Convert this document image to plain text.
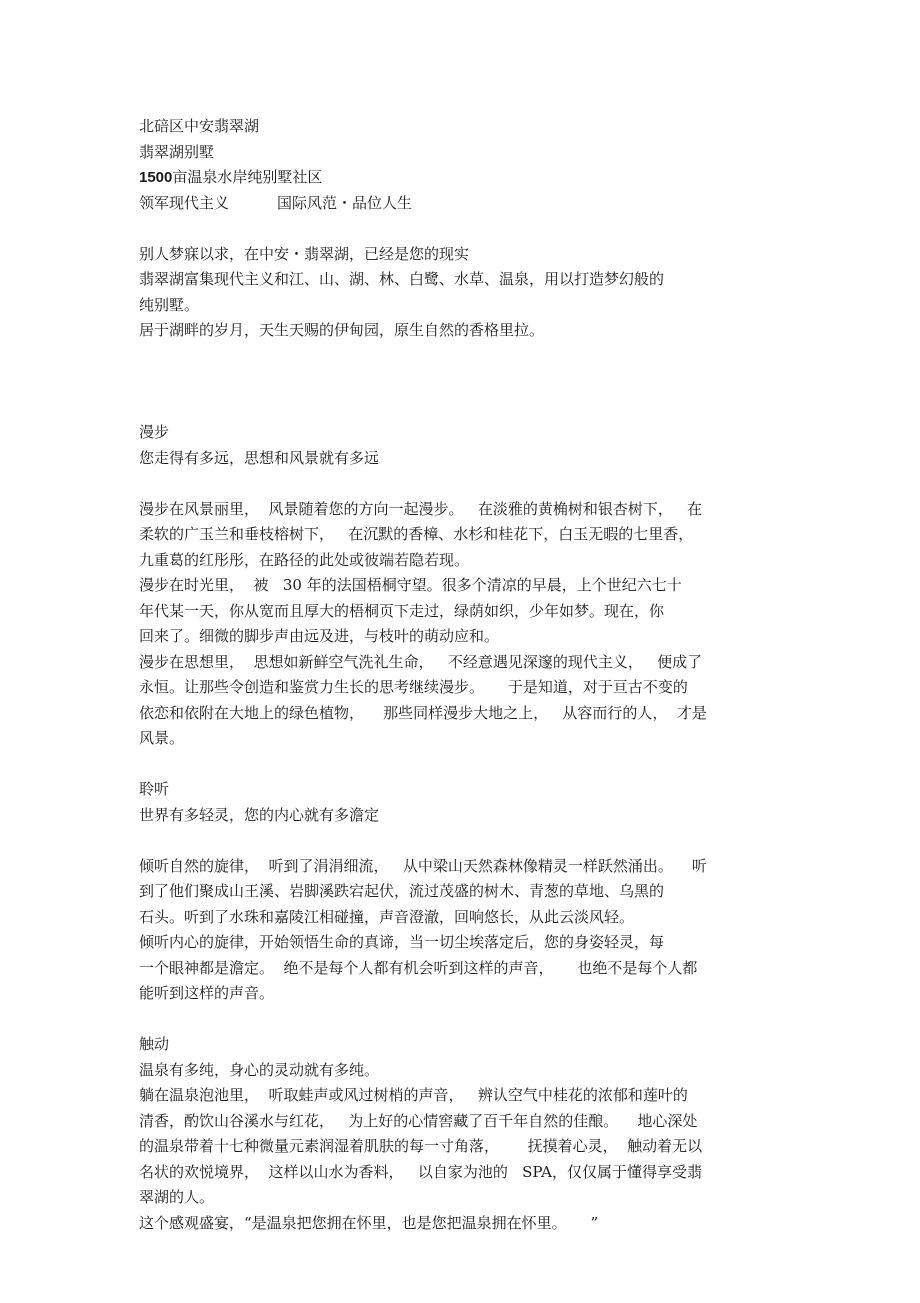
北碚区中安翡翠湖
翡翠湖别墅
1500亩温泉水岸纯别墅社区
领军现代主义	国际风范・品位人生
别人梦寐以求，在中安・翡翠湖，已经是您的现实
翡翠湖富集现代主义和江、山、湖、林、白鹭、水草、温泉，用以打造梦幻般的
纯别墅。
居于湖畔的岁月，天生天赐的伊甸园，原生自然的香格里拉。
漫步
您走得有多远，思想和风景就有多远
漫步在风景丽里，  风景随着您的方向一起漫步。   在淡雅的黄桷树和银杏树下，   在
柔软的广玉兰和垂枝榕树下，   在沉默的香樟、水杉和桂花下，白玉无暇的七里香，
九重葛的红彤彤，在路径的此处或彼端若隐若现。
漫步在时光里，  被   30 年的法国梧桐守望。很多个清凉的早晨，上个世纪六七十
年代某一天，你从宽而且厚大的梧桐页下走过，绿荫如织，少年如梦。现在，你
回来了。细微的脚步声由远及进，与枝叶的萌动应和。
漫步在思想里，  思想如新鲜空气洗礼生命，   不经意遇见深邃的现代主义，   便成了
永恒。让那些令创造和鉴赏力生长的思考继续漫步。     于是知道，对于亘古不变的
依恋和依附在大地上的绿色植物，    那些同样漫步大地之上，   从容而行的人，  才是
风景。
聆听
世界有多轻灵，您的内心就有多澹定
倾听自然的旋律，  听到了涓涓细流，   从中梁山天然森林像精灵一样跃然涌出。    听
到了他们聚成山王溪、岩脚溪跌宕起伏，流过茂盛的树木、青葱的草地、乌黑的
石头。听到了水珠和嘉陵江相碰撞，声音澄澈，回响悠长，从此云淡风轻。
倾听内心的旋律，开始领悟生命的真谛，当一切尘埃落定后，您的身姿轻灵，每
一个眼神都是澹定。  绝不是每个人都有机会听到这样的声音，     也绝不是每个人都
能听到这样的声音。
触动
温泉有多纯，身心的灵动就有多纯。
躺在温泉泡池里，  听取蛙声或风过树梢的声音，   辨认空气中桂花的浓郁和莲叶的
清香，酌饮山谷溪水与红花，   为上好的心情窖藏了百千年自然的佳酿。    地心深处
的温泉带着十七种微量元素润湿着肌肤的每一寸角落，      抚摸着心灵，  触动着无以
名状的欢悦境界，  这样以山水为香料，   以自家为池的   SPA，仅仅属于懂得享受翡
翠湖的人。
这个感观盛宴，“是温泉把您拥在怀里，也是您把温泉拥在怀里。     ”
